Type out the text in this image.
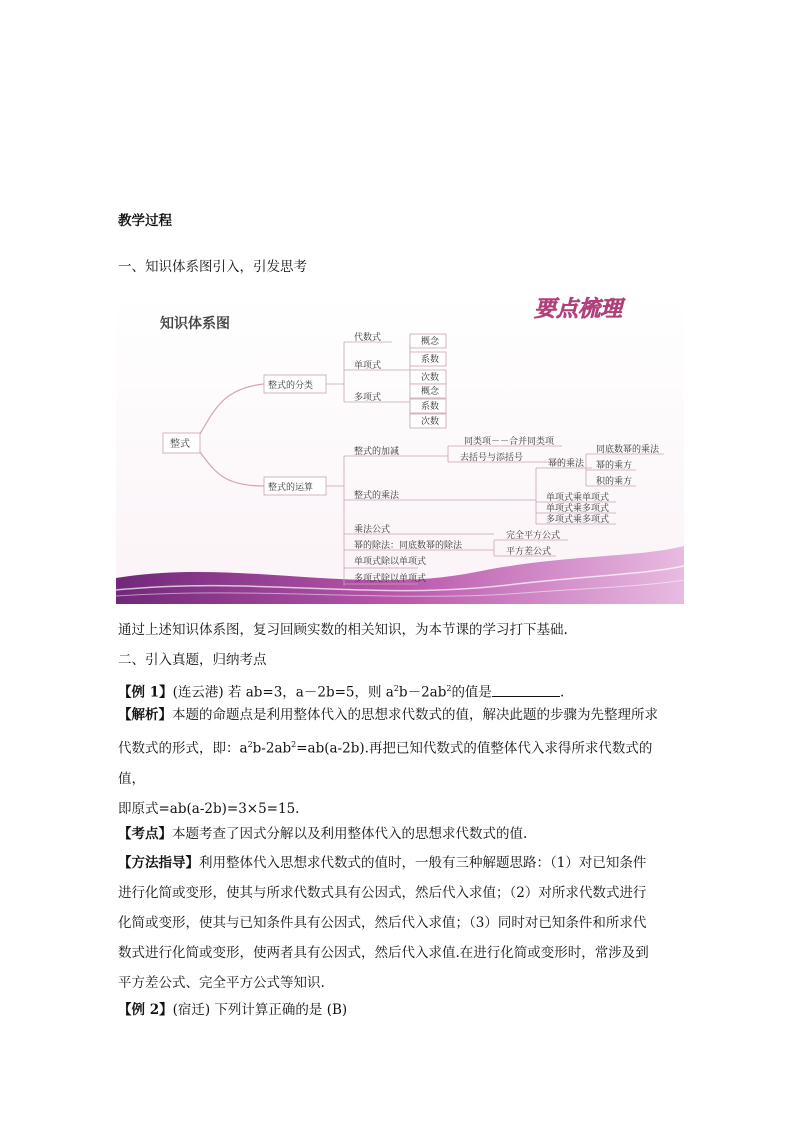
教学过程
一、知识体系图引入，引发思考
知识体系图
要点梳理
整式
整式的分类
代数式
单项式
多项式
概念
系数
次数
概念
系数
次数
整式的运算
整式的加减
同类项－－合并同类项
去括号与添括号
整式的乘法
幂的乘法
同底数幂的乘法
幂的乘方
积的乘方
单项式乘单项式
单项式乘多项式
多项式乘多项式
乘法公式
完全平方公式
平方差公式
幂的除法：同底数幂的除法
单项式除以单项式
多项式除以单项式
通过上述知识体系图，复习回顾实数的相关知识，为本节课的学习打下基础.
二、引入真题，归纳考点
【例 1】(连云港) 若 ab=3，a－2b=5，则 $a^2b-2ab^2$的值是	.
【解析】本题的命题点是利用整体代入的思想求代数式的值，解决此题的步骤为先整理所求
代数式的形式，即：$a^2b-2ab^2=ab(a-2b)$.再把已知代数式的值整体代入求得所求代数式的值，
即原式=ab(a-2b)=3×5=15.
【考点】本题考查了因式分解以及利用整体代入的思想求代数式的值.
【方法指导】利用整体代入思想求代数式的值时，一般有三种解题思路：（1）对已知条件
进行化简或变形，使其与所求代数式具有公因式，然后代入求值；（2）对所求代数式进行
化简或变形，使其与已知条件具有公因式，然后代入求值；（3）同时对已知条件和所求代
数式进行化简或变形，使两者具有公因式，然后代入求值.在进行化简或变形时，常涉及到
平方差公式、完全平方公式等知识.
【例 2】(宿迁) 下列计算正确的是 (B)
